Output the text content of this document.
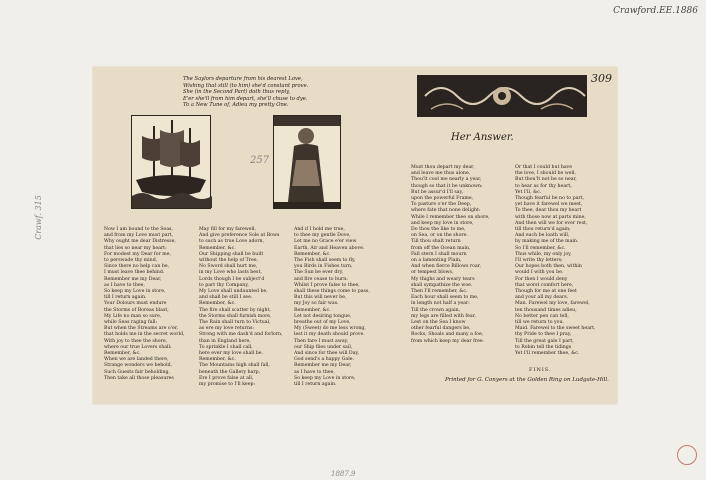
Crawford.EE.1886
Crawf. 315
1887.9
The Saylors departure from his dearest Love,
Wishing that still (to him) she'd constant prove.
She (in the Second Part) doth thus reply,
E'er she'll from him depart, she'll chuse to dye.
To a New Tune of, Adieu my pretty One.
309
257
Her Answer.
Now I am bound to the Seas,
and from my Love must part,
Why ought me dear Distresse,
that lies so near my heart:
For modest my Dear for me,
to perswade thy mind,
Since there no help can be,
I must leave thee behind.
Remember me my Dear,
as I have to thee,
So keep my Love in store,
till I return again.
Your Dolours must endure
the Storms of Boreas blast,
My Life no man so sure,
while Seas raging fall:
But when the Streams are o'er,
that holds me in the secret world,
With joy to thee the shore,
where our true Lovers shall:
Remember, &c.
When we are landed there,
Strange wonders we behold,
Such Guests fair beholding,
Then take all those pleasures
May fill for my farewell,
And give preference Sole at Bows
to such as true Love adorn,
Remember, &c.
Our Shipping shall be built
without the help of Tree,
No Sword shall hurt me,
in my Love who lasts best,
Lords though I be subject'd
to part thy Company,
My Love shall undaunted be,
and shall be still I see.
Remember, &c.
The fire shall scatter by night,
the Storms shall furnish more,
The Rain shall turn to Victual,
as ere my love returns:
Strong with me dash'd and forlorn,
than in England here,
To sprinkle I shall call,
here ever my love shall be.
Remember, &c.
The Mountains high shall fall,
beneath the Gallery harp,
Ere I prove false at all,
my promise to I'll keep:
And if I hold me true,
to thee my gentle Dove,
Let me no Grace e'er view
Earth, Air and Heaven above.
Remember, &c.
The Fish shall seem to fly,
you Birds in Fishes turn,
The Sun be ever dry,
and fire cease to burn:
Whilst I prove false to thee,
shall these things come to pass,
But this will never be,
my Joy so fair was.
Remember, &c.
Let not desiring tongue,
breathe out of my Love,
My (Sweet) do me less wrong,
lest it my death should prove.
Then fare I must away,
our Ship flies under sail,
And since for thee will Day,
God send's a happy Gale.
Remember me my Dear,
as I have to thee,
So keep my Love in store,
till I return again.
Must thou depart my dear,
and leave me thus alone,
Thou'lt cool me nearly a year,
though so that it be unknown:
But be assur'd I'll say,
upon the powerful Frame,
To pasture o'er the Deep,
where fate that none delight:
While I remember thee on shore,
and keep my love in store,
Do thou the like to me,
on Sea, or on the shore.
Till thou shalt return
from off the Ocean main,
Fall stern I shall mourn
on a lamenting Plain,
And when fierce Billows roar,
or tempest blows,
My thighs and weary tears
shall sympathize the woe.
Then I'll remember, &c.
Each hour shall seem to me,
in length not half a year:
Till the crown again,
my legs are filled with fear,
Lest on the Sea I know
other fearful dangers be,
Rocks, Shoals and many a foe,
from which keep my dear free.
Or that I could but have
the love, I should be well,
But thou'lt not be so near,
to hear as for thy heart,
Yet I'll, &c.
Though fearful be no to part,
yet have it farewel we meet,
To thee, dear thou my heart
with those now at parts mine,
And then will we for ever rest,
till thou return'd again;
And each be loath will,
by making me of the main.
So I'll remember, &c.
Thus while, my only joy,
I'll write thy letters;
Our hopes both then, within
would I with you be.
For then I would deny
that worst comfort here,
Though for me at one feet
and your all my dears.
Man. Farewel my love, farewel,
ten thousand times adieu,
No better pen can tell,
till we return to you.
Maid. Farewel to the sweet heart,
thy Pride to thee I pray,
Till the great gale I part,
to Robin tell the tidings
Yet I'll remember thee, &c.
FINIS.
Printed for G. Conyers at the Golden Ring on Ludgate-Hill.
